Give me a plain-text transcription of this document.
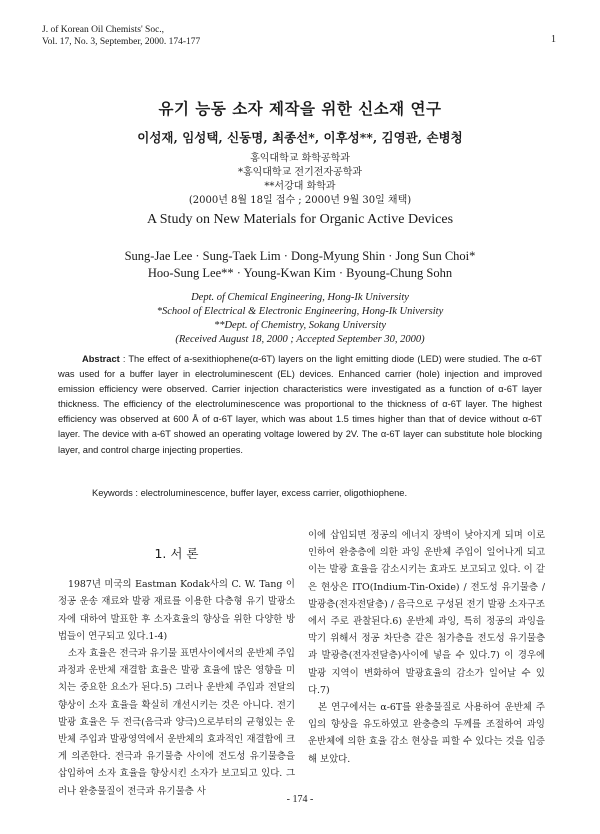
J. of Korean Oil Chemists' Soc.,
Vol. 17, No. 3, September, 2000. 174-177	1
유기 능동 소자 제작을 위한 신소재 연구
이성재, 임성택, 신동명, 최종선*, 이후성**, 김영관, 손병청
홍익대학교 화학공학과
*홍익대학교 전기전자공학과
**서강대 화학과
(2000년 8월 18일 접수 ; 2000년 9월 30일 채택)
A Study on New Materials for Organic Active Devices
Sung-Jae Lee · Sung-Taek Lim · Dong-Myung Shin · Jong Sun Choi*
Hoo-Sung Lee** · Young-Kwan Kim · Byoung-Chung Sohn
Dept. of Chemical Engineering, Hong-Ik University
*School of Electrical & Electronic Engineering, Hong-Ik University
**Dept. of Chemistry, Sokang University
(Received August 18, 2000 ; Accepted September 30, 2000)
Abstract : The effect of a-sexithiophene(α-6T) layers on the light emitting diode (LED) were studied. The α-6T was used for a buffer layer in electroluminescent (EL) devices. Enhanced carrier (hole) injection and improved emission efficiency were observed. Carrier injection characteristics were investigated as a function of α-6T layer thickness. The efficiency of the electroluminescence was proportional to the thickness of α-6T layer. The highest efficiency was observed at 600 Å of α-6T layer, which was about 1.5 times higher than that of device without α-6T layer. The device with a-6T showed an operating voltage lowered by 2V. The α-6T layer can substitute hole blocking layer, and control charge injecting properties.
Keywords : electroluminescence, buffer layer, excess carrier, oligothiophene.
1. 서 론

1987년 미국의 Eastman Kodak사의 C. W. Tang 이 정공 운송 재료와 발광 재료를 이용한 다층형 유기 발광소자에 대하여 발표한 후 소자효율의 향상을 위한 다양한 방법들이 연구되고 있다.1-4)

소자 효율은 전극과 유기물 표면사이에서의 운반체 주입 과정과 운반체 재결합 효율은 발광 효율에 많은 영향을 미치는 중요한 요소가 된다.5) 그러나 운반체 주입과 전달의 향상이 소자 효율을 확실히 개선시키는 것은 아니다. 전기 발광 효율은 두 전극(음극과 양극)으로부터의 균형있는 운반체 주입과 발광영역에서 운반체의 효과적인 재결합에 크게 의존한다. 전극과 유기물층 사이에 전도성 유기물층을 삽입하여 소자 효율을 향상시킨 소자가 보고되고 있다. 그러나 완충물질이 전극과 유기물층 사

이에 삽입되면 정공의 에너지 장벽이 낮아지게 되며 이로 인하여 완충층에 의한 과잉 운반체 주입이 일어나게 되고 이는 발광 효율을 감소시키는 효과도 보고되고 있다. 이 같은 현상은 ITO(Indium-Tin-Oxide) / 전도성 유기물층 / 발광층(전자전달층) / 음극으로 구성된 전기 발광 소자구조에서 주로 관찰된다.6) 운반체 과잉, 특히 정공의 과잉을 막기 위해서 정공 차단층 같은 첨가층을 전도성 유기물층과 발광층(전자전달층)사이에 넣을 수 있다.7) 이 경우에 발광 지역이 변화하여 발광효율의 감소가 일어날 수 있다.7)

본 연구에서는 α-6T를 완충물질로 사용하여 운반체 주입의 향상을 유도하였고 완충층의 두께를 조절하여 과잉 운반체에 의한 효율 감소 현상을 피할 수 있다는 것을 입증해 보았다.

- 174 -
